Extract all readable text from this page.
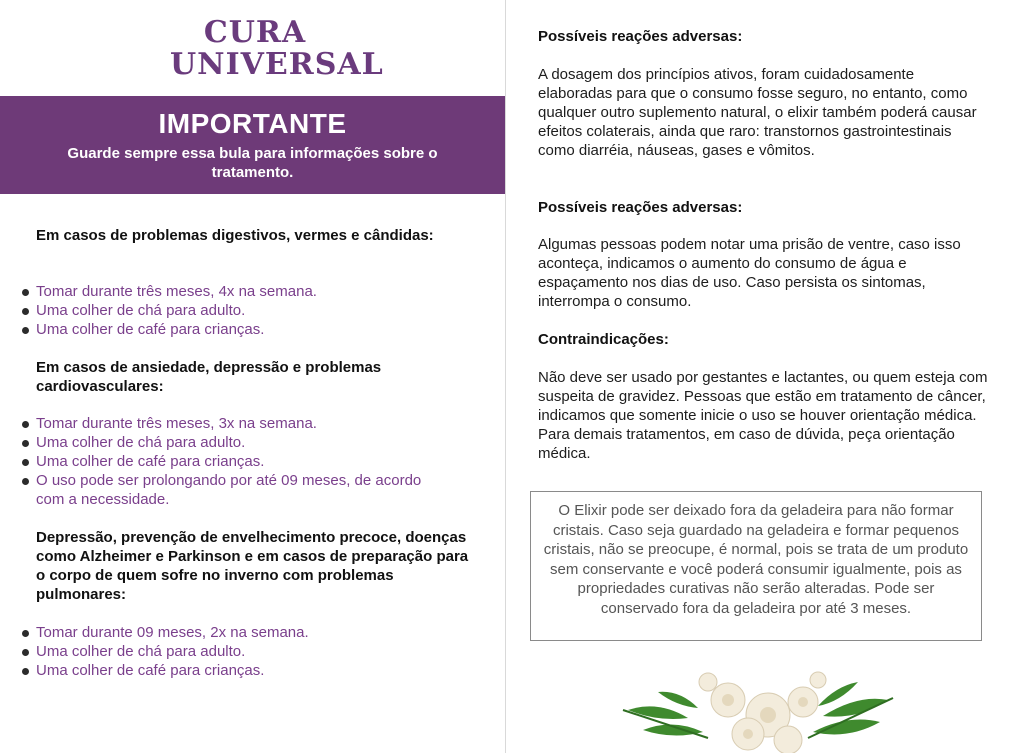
CURA
UNIVERSAL
IMPORTANTE
Guarde sempre essa bula para informações sobre o tratamento.
Em casos de problemas digestivos, vermes e cândidas:
Tomar durante três meses, 4x na semana.
Uma colher de chá para adulto.
Uma colher de café para crianças.
Em casos de ansiedade, depressão e problemas cardiovasculares:
Tomar durante três meses, 3x na semana.
Uma colher de chá para adulto.
Uma colher de café para crianças.
O uso pode ser prolongando por até 09 meses, de acordo com a necessidade.
Depressão, prevenção de envelhecimento precoce, doenças como Alzheimer e Parkinson e em casos de preparação para o corpo de quem sofre no inverno com problemas pulmonares:
Tomar durante 09 meses, 2x na semana.
Uma colher de chá para adulto.
Uma colher de café para crianças.
Possíveis reações adversas:
A dosagem dos princípios ativos, foram cuidadosamente elaboradas para que o consumo fosse seguro, no entanto, como qualquer outro suplemento natural, o elixir também poderá causar efeitos colaterais, ainda que raro: transtornos gastrointestinais como diarréia, náuseas, gases e vômitos.
Possíveis reações adversas:
Algumas pessoas podem notar uma prisão de ventre, caso isso aconteça, indicamos o aumento do consumo de água e espaçamento nos dias de uso. Caso persista os sintomas, interrompa o consumo.
Contraindicações:
Não deve ser usado por gestantes e lactantes, ou quem esteja com suspeita de gravidez. Pessoas que estão em tratamento de câncer, indicamos que somente inicie o uso se houver orientação médica. Para demais tratamentos, em caso de dúvida, peça orientação médica.
O Elixir pode ser deixado fora da geladeira para não formar cristais. Caso seja guardado na geladeira e formar pequenos cristais, não se preocupe, é normal, pois se trata de um produto sem conservante e você poderá consumir igualmente, pois as propriedades curativas não serão alteradas. Pode ser conservado fora da geladeira por até 3 meses.
